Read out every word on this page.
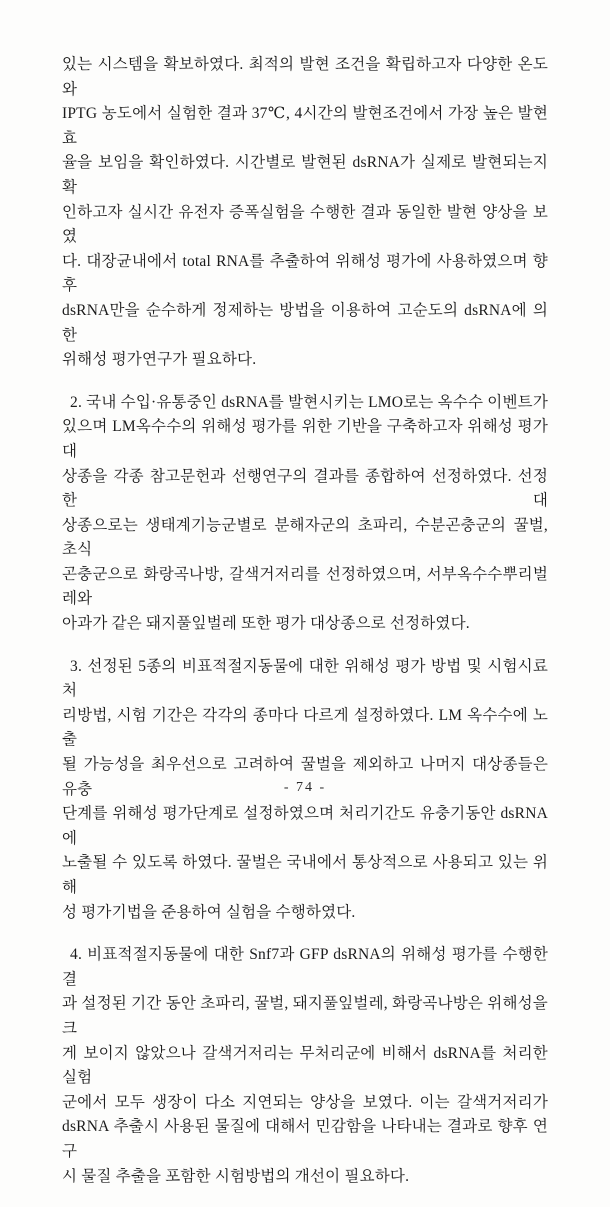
있는 시스템을 확보하였다. 최적의 발현 조건을 확립하고자 다양한 온도와
IPTG 농도에서 실험한 결과 37℃, 4시간의 발현조건에서 가장 높은 발현효
율을 보임을 확인하였다. 시간별로 발현된 dsRNA가 실제로 발현되는지 확
인하고자 실시간 유전자 증폭실험을 수행한 결과 동일한 발현 양상을 보였
다. 대장균내에서 total RNA를 추출하여 위해성 평가에 사용하였으며 향후
dsRNA만을 순수하게 정제하는 방법을 이용하여 고순도의 dsRNA에 의한
위해성 평가연구가 필요하다.
2. 국내 수입·유통중인 dsRNA를 발현시키는 LMO로는 옥수수 이벤트가
있으며 LM옥수수의 위해성 평가를 위한 기반을 구축하고자 위해성 평가 대
상종을 각종 참고문헌과 선행연구의 결과를 종합하여 선정하였다. 선정한 대
상종으로는 생태계기능군별로 분해자군의 초파리, 수분곤충군의 꿀벌, 초식
곤충군으로 화랑곡나방, 갈색거저리를 선정하였으며, 서부옥수수뿌리벌레와
아과가 같은 돼지풀잎벌레 또한 평가 대상종으로 선정하였다.
3. 선정된 5종의 비표적절지동물에 대한 위해성 평가 방법 및 시험시료 처
리방법, 시험 기간은 각각의 종마다 다르게 설정하였다. LM 옥수수에 노출
될 가능성을 최우선으로 고려하여 꿀벌을 제외하고 나머지 대상종들은 유충
단계를 위해성 평가단계로 설정하였으며 처리기간도 유충기동안 dsRNA에
노출될 수 있도록 하였다. 꿀벌은 국내에서 통상적으로 사용되고 있는 위해
성 평가기법을 준용하여 실험을 수행하였다.
4. 비표적절지동물에 대한 Snf7과 GFP dsRNA의 위해성 평가를 수행한 결
과 설정된 기간 동안 초파리, 꿀벌, 돼지풀잎벌레, 화랑곡나방은 위해성을 크
게 보이지 않았으나 갈색거저리는 무처리군에 비해서 dsRNA를 처리한 실험
군에서 모두 생장이 다소 지연되는 양상을 보였다. 이는 갈색거저리가
dsRNA 추출시 사용된 물질에 대해서 민감함을 나타내는 결과로 향후 연구
시 물질 추출을 포함한 시험방법의 개선이 필요하다.
- 74 -
